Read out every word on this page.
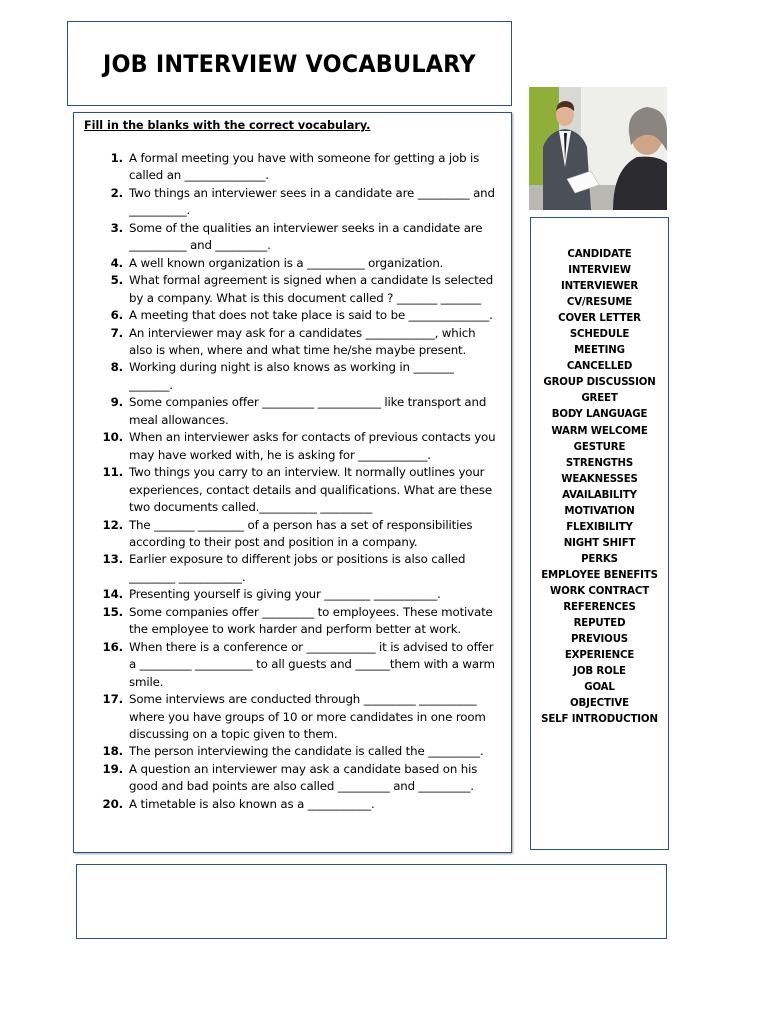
JOB INTERVIEW VOCABULARY
Fill in the blanks with the correct vocabulary.
1. A formal meeting you have with someone for getting a job is called an ______________.
2. Two things an interviewer sees in a candidate are _________ and __________.
3. Some of the qualities an interviewer seeks in a candidate are __________ and _________.
4. A well known organization is a __________ organization.
5. What formal agreement is signed when a candidate Is selected by a company. What is this document called ? _______ _______
6. A meeting that does not take place is said to be ______________.
7. An interviewer may ask for a candidates ____________, which also is when, where and what time he/she maybe present.
8. Working during night is also knows as working in _______ _______.
9. Some companies offer _________ ___________ like transport and meal allowances.
10. When an interviewer asks for contacts of previous contacts you may have worked with, he is asking for ____________.
11. Two things you carry to an interview. It normally outlines your experiences, contact details and qualifications. What are these two documents called.__________ _________
12. The _______ ________ of a person has a set of responsibilities according to their post and position in a company.
13. Earlier exposure to different jobs or positions is also called ________ ___________.
14. Presenting yourself is giving your ________ ___________.
15. Some companies offer _________ to employees. These motivate the employee to work harder and perform better at work.
16. When there is a conference or ____________ it is advised to offer a _________ __________ to all guests and ______them with a warm smile.
17. Some interviews are conducted through _________ __________ where you have groups of 10 or more candidates in one room discussing on a topic given to them.
18. The person interviewing the candidate is called the _________.
19. A question an interviewer may ask a candidate based on his good and bad points are also called _________ and _________.
20. A timetable is also known as a ___________.
CANDIDATE
INTERVIEW
INTERVIEWER
CV/RESUME
COVER LETTER
SCHEDULE
MEETING
CANCELLED
GROUP DISCUSSION
GREET
BODY LANGUAGE
WARM WELCOME
GESTURE
STRENGTHS
WEAKNESSES
AVAILABILITY
MOTIVATION
FLEXIBILITY
NIGHT SHIFT
PERKS
EMPLOYEE BENEFITS
WORK CONTRACT
REFERENCES
REPUTED
PREVIOUS
EXPERIENCE
JOB ROLE
GOAL
OBJECTIVE
SELF INTRODUCTION
